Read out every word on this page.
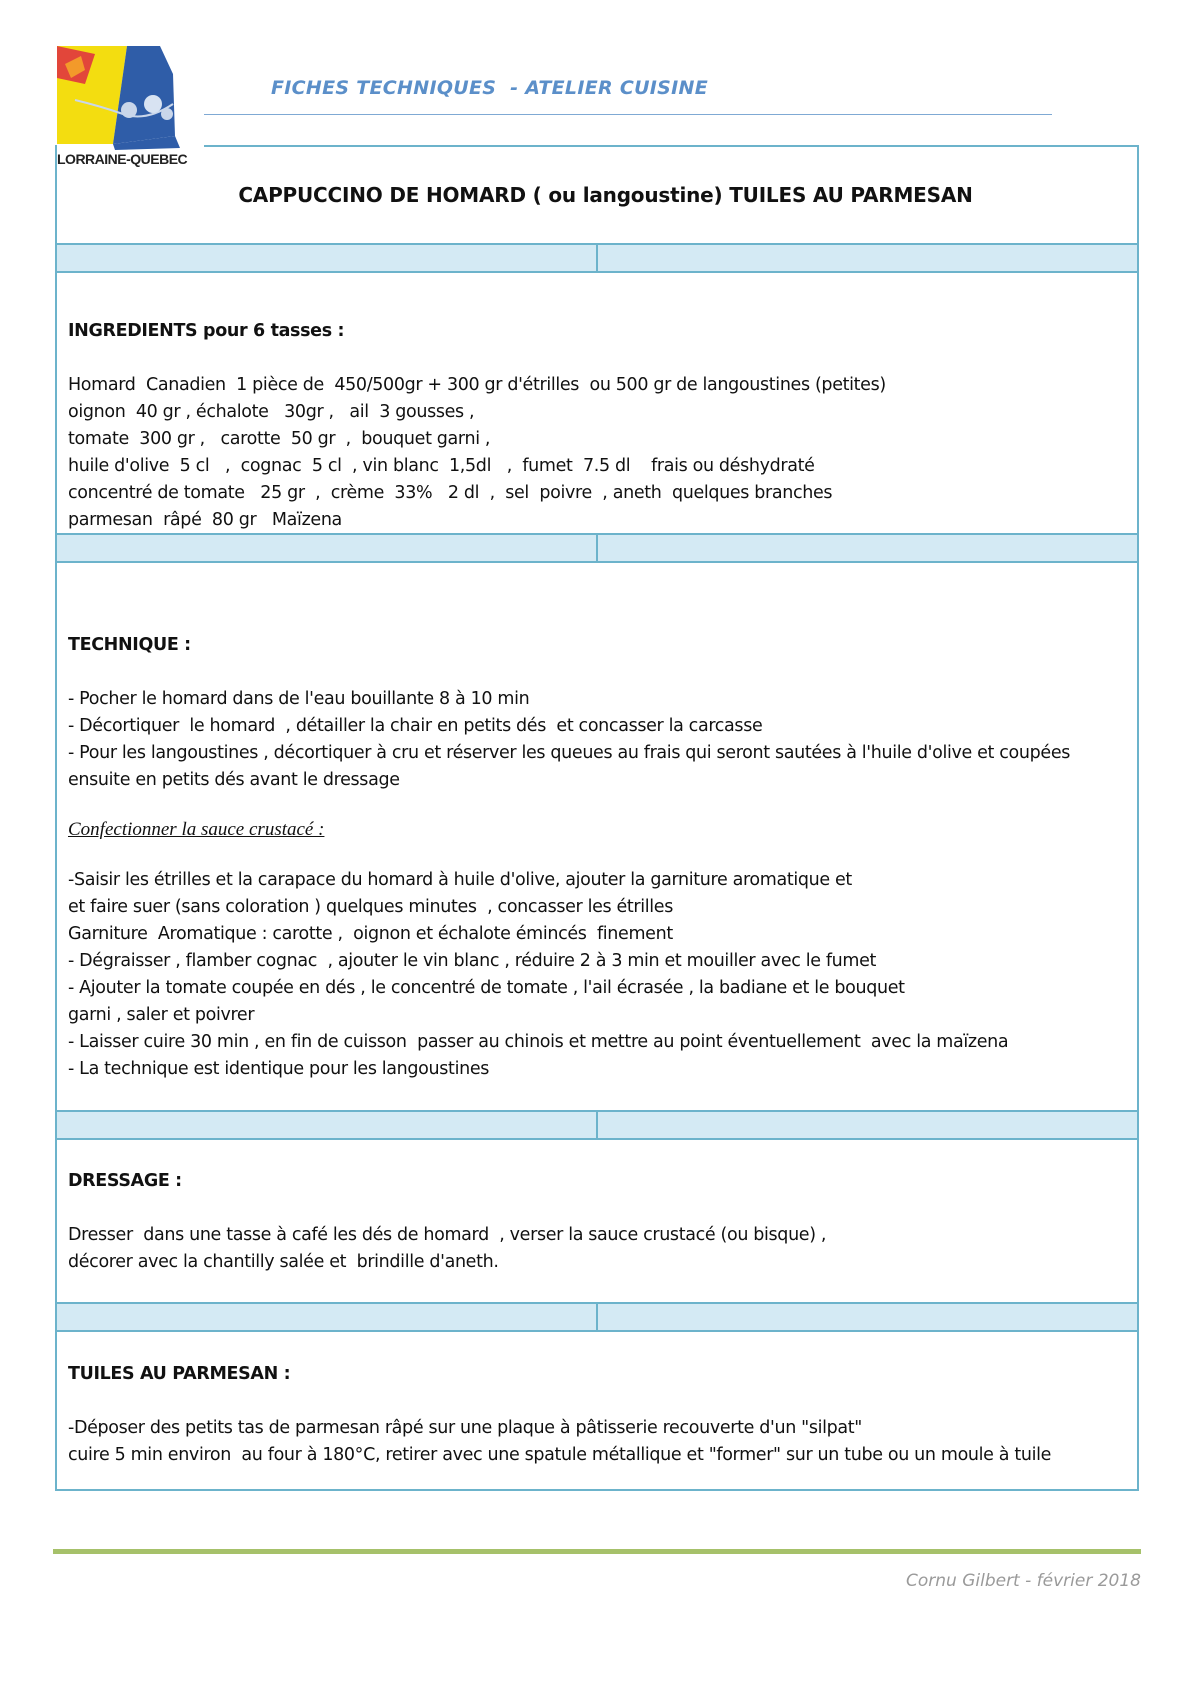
LORRAINE-QUEBEC
FICHES TECHNIQUES  - ATELIER CUISINE
CAPPUCCINO DE HOMARD ( ou langoustine) TUILES AU PARMESAN

INGREDIENTS pour 6 tasses :

Homard  Canadien  1 pièce de  450/500gr + 300 gr d'étrilles  ou 500 gr de langoustines (petites)

oignon  40 gr , échalote   30gr ,   ail  3 gousses ,

tomate  300 gr ,   carotte  50 gr  ,  bouquet garni ,

huile d'olive  5 cl   ,  cognac  5 cl  , vin blanc  1,5dl   ,  fumet  7.5 dl    frais ou déshydraté

concentré de tomate   25 gr  ,  crème  33%   2 dl  ,  sel  poivre  , aneth  quelques branches

parmesan  râpé  80 gr   Maïzena

TECHNIQUE :

- Pocher le homard dans de l'eau bouillante 8 à 10 min

- Décortiquer  le homard  , détailler la chair en petits dés  et concasser la carcasse

- Pour les langoustines , décortiquer à cru et réserver les queues au frais qui seront sautées à l'huile d'olive et coupées ensuite en petits dés avant le dressage

Confectionner la sauce crustacé :

-Saisir les étrilles et la carapace du homard à huile d'olive, ajouter la garniture aromatique et

et faire suer (sans coloration ) quelques minutes  , concasser les étrilles

Garniture  Aromatique : carotte ,  oignon et échalote émincés  finement

- Dégraisser , flamber cognac  , ajouter le vin blanc , réduire 2 à 3 min et mouiller avec le fumet

- Ajouter la tomate coupée en dés , le concentré de tomate , l'ail écrasée , la badiane et le bouquet

garni , saler et poivrer

- Laisser cuire 30 min , en fin de cuisson  passer au chinois et mettre au point éventuellement  avec la maïzena

- La technique est identique pour les langoustines

DRESSAGE :

Dresser  dans une tasse à café les dés de homard  , verser la sauce crustacé (ou bisque) ,

décorer avec la chantilly salée et  brindille d'aneth.

TUILES AU PARMESAN :

-Déposer des petits tas de parmesan râpé sur une plaque à pâtisserie recouverte d'un "silpat"

cuire 5 min environ  au four à 180°C, retirer avec une spatule métallique et "former" sur un tube ou un moule à tuile

Cornu Gilbert - février 2018
